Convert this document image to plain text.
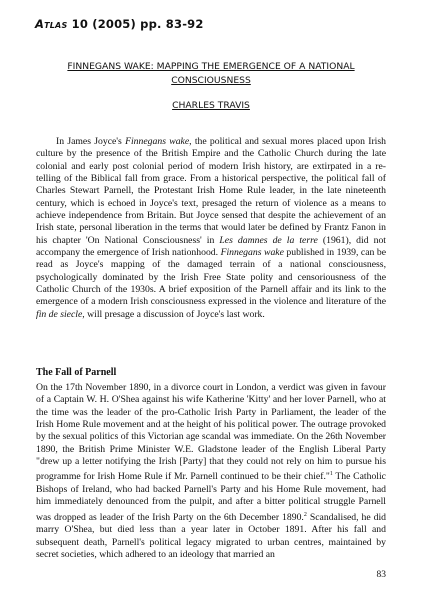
Atlas 10 (2005) pp. 83-92
FINNEGANS WAKE: MAPPING THE EMERGENCE OF A NATIONAL
CONSCIOUSNESS
CHARLES TRAVIS

In James Joyce's Finnegans wake, the political and sexual mores placed upon Irish culture by the presence of the British Empire and the Catholic Church during the late colonial and early post colonial period of modern Irish history, are extirpated in a re-telling of the Biblical fall from grace. From a historical perspective, the political fall of Charles Stewart Parnell, the Protestant Irish Home Rule leader, in the late nineteenth century, which is echoed in Joyce's text, presaged the return of violence as a means to achieve independence from Britain. But Joyce sensed that despite the achievement of an Irish state, personal liberation in the terms that would later be defined by Frantz Fanon in his chapter 'On National Consciousness' in Les damnes de la terre (1961), did not accompany the emergence of Irish nationhood. Finnegans wake published in 1939, can be read as Joyce's mapping of the damaged terrain of a national consciousness, psychologically dominated by the Irish Free State polity and censoriousness of the Catholic Church of the 1930s. A brief exposition of the Parnell affair and its link to the emergence of a modern Irish consciousness expressed in the violence and literature of the fin de siecle, will presage a discussion of Joyce's last work.

The Fall of Parnell

On the 17th November 1890, in a divorce court in London, a verdict was given in favour of a Captain W. H. O'Shea against his wife Katherine 'Kitty' and her lover Parnell, who at the time was the leader of the pro-Catholic Irish Party in Parliament, the leader of the Irish Home Rule movement and at the height of his political power. The outrage provoked by the sexual politics of this Victorian age scandal was immediate. On the 26th November 1890, the British Prime Minister W.E. Gladstone leader of the English Liberal Party "drew up a letter notifying the Irish [Party] that they could not rely on him to pursue his programme for Irish Home Rule if Mr. Parnell continued to be their chief."$^1$ The Catholic Bishops of Ireland, who had backed Parnell's Party and his Home Rule movement, had him immediately denounced from the pulpit, and after a bitter political struggle Parnell was dropped as leader of the Irish Party on the 6th December 1890.$^2$ Scandalised, he did marry O'Shea, but died less than a year later in October 1891. After his fall and subsequent death, Parnell's political legacy migrated to urban centres, maintained by secret societies, which adhered to an ideology that married an

83
